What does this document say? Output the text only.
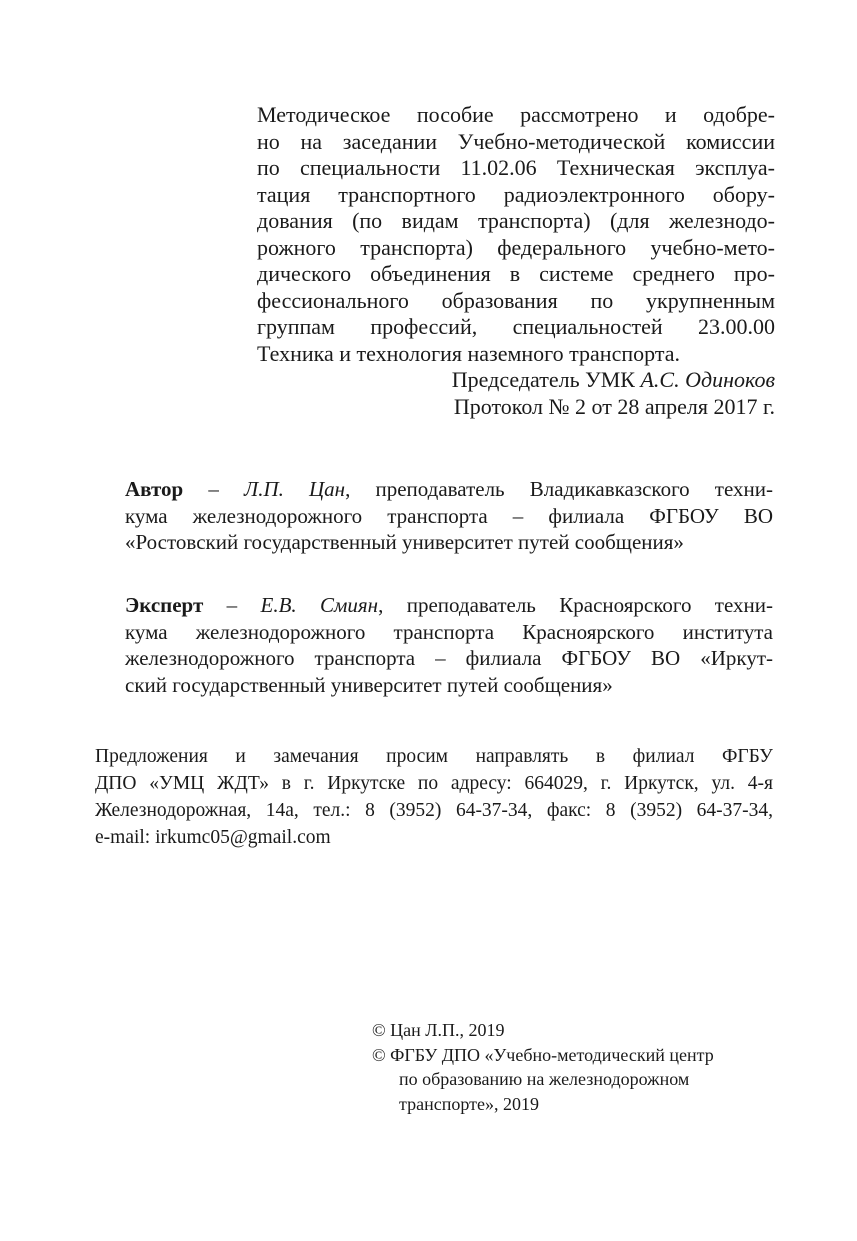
Методическое пособие рассмотрено и одобре-
но на заседании Учебно-методической комиссии
по специальности 11.02.06 Техническая эксплуа-
тация транспортного радиоэлектронного обору-
дования (по видам транспорта) (для железнодо-
рожного транспорта) федерального учебно-мето-
дического объединения в системе среднего про-
фессионального образования по укрупненным
группам профессий, специальностей 23.00.00
Техника и технология наземного транспорта.
Председатель УМК А.С. Одиноков
Протокол № 2 от 28 апреля 2017 г.
Автор – Л.П. Цан, преподаватель Владикавказского техни-
кума железнодорожного транспорта – филиала ФГБОУ ВО
«Ростовский государственный университет путей сообщения»
Эксперт – Е.В. Смиян, преподаватель Красноярского техни-
кума железнодорожного транспорта Красноярского института
железнодорожного транспорта – филиала ФГБОУ ВО «Иркут-
ский государственный университет путей сообщения»
Предложения и замечания просим направлять в филиал ФГБУ
ДПО «УМЦ ЖДТ» в г. Иркутске по адресу: 664029, г. Иркутск, ул. 4-я
Железнодорожная, 14а, тел.: 8 (3952) 64-37-34, факс: 8 (3952) 64-37-34,
e-mail: irkumc05@gmail.com
© Цан Л.П., 2019
© ФГБУ ДПО «Учебно-методический центр
по образованию на железнодорожном
транспорте», 2019
